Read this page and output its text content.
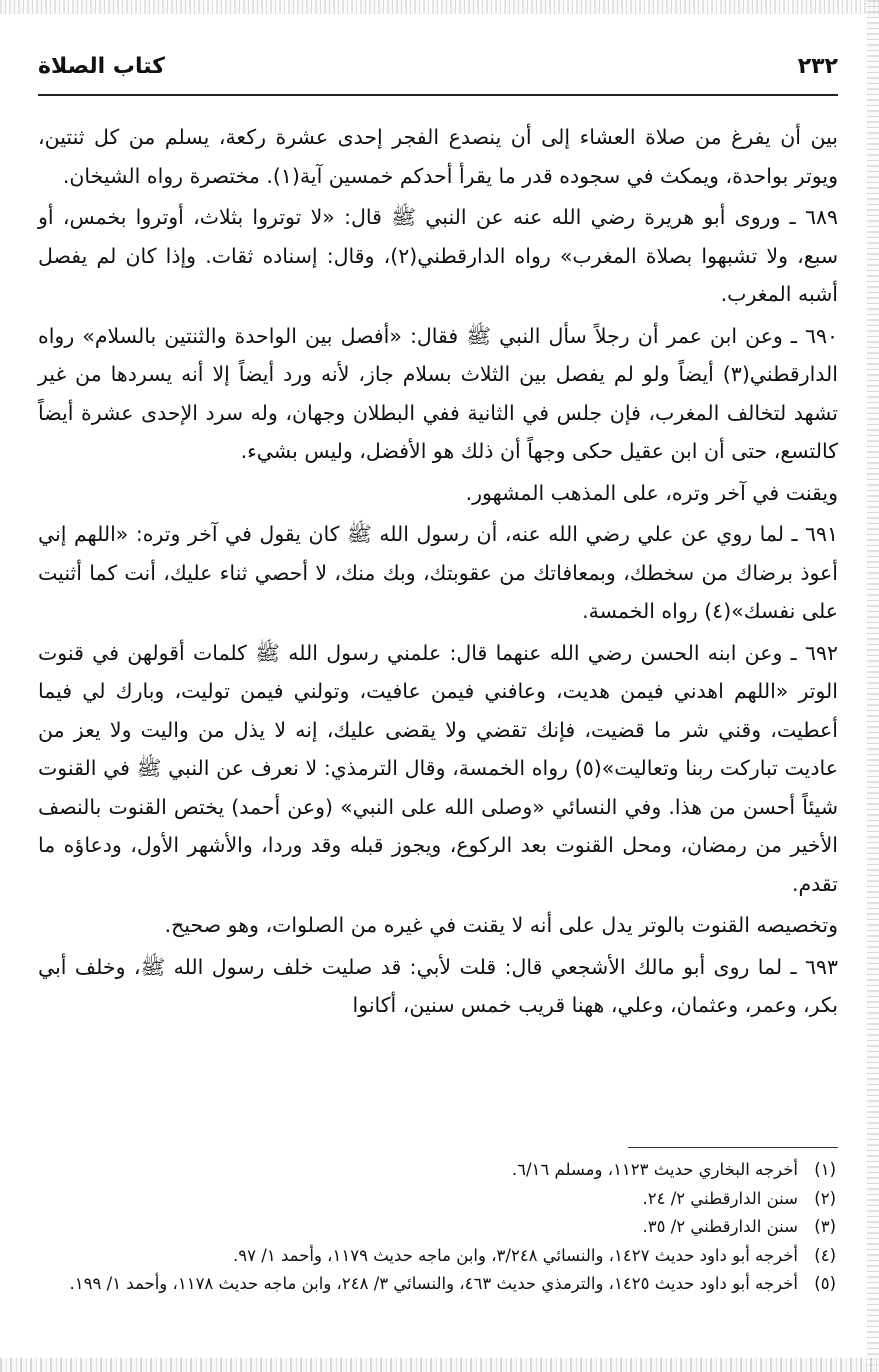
كتاب الصلاة	٢٣٢

بين أن يفرغ من صلاة العشاء إلى أن ينصدع الفجر إحدى عشرة ركعة، يسلم من كل ثنتين، ويوتر بواحدة، ويمكث في سجوده قدر ما يقرأ أحدكم خمسين آية(١). مختصرة رواه الشيخان.

٦٨٩ ـ وروى أبو هريرة رضي الله عنه عن النبي ﷺ قال: «لا توتروا بثلاث، أوتروا بخمس، أو سبع، ولا تشبهوا بصلاة المغرب» رواه الدارقطني(٢)، وقال: إسناده ثقات. وإذا كان لم يفصل أشبه المغرب.

٦٩٠ ـ وعن ابن عمر أن رجلاً سأل النبي ﷺ فقال: «أفصل بين الواحدة والثنتين بالسلام» رواه الدارقطني(٣) أيضاً ولو لم يفصل بين الثلاث بسلام جاز، لأنه ورد أيضاً إلا أنه يسردها من غير تشهد لتخالف المغرب، فإن جلس في الثانية ففي البطلان وجهان، وله سرد الإحدى عشرة أيضاً كالتسع، حتى أن ابن عقيل حكى وجهاً أن ذلك هو الأفضل، وليس بشيء.

ويقنت في آخر وتره، على المذهب المشهور.

٦٩١ ـ لما روي عن علي رضي الله عنه، أن رسول الله ﷺ كان يقول في آخر وتره: «اللهم إني أعوذ برضاك من سخطك، وبمعافاتك من عقوبتك، وبك منك، لا أحصي ثناء عليك، أنت كما أثنيت على نفسك»(٤) رواه الخمسة.

٦٩٢ ـ وعن ابنه الحسن رضي الله عنهما قال: علمني رسول الله ﷺ كلمات أقولهن في قنوت الوتر «اللهم اهدني فيمن هديت، وعافني فيمن عافيت، وتولني فيمن توليت، وبارك لي فيما أعطيت، وقني شر ما قضيت، فإنك تقضي ولا يقضى عليك، إنه لا يذل من واليت ولا يعز من عاديت تباركت ربنا وتعاليت»(٥) رواه الخمسة، وقال الترمذي: لا نعرف عن النبي ﷺ في القنوت شيئاً أحسن من هذا. وفي النسائي «وصلى الله على النبي» (وعن أحمد) يختص القنوت بالنصف الأخير من رمضان، ومحل القنوت بعد الركوع، ويجوز قبله وقد وردا، والأشهر الأول، ودعاؤه ما تقدم.

وتخصيصه القنوت بالوتر يدل على أنه لا يقنت في غيره من الصلوات، وهو صحيح.

٦٩٣ ـ لما روى أبو مالك الأشجعي قال: قلت لأبي: قد صليت خلف رسول الله ﷺ، وخلف أبي بكر، وعمر، وعثمان، وعلي، ههنا قريب خمس سنين، أكانوا

(١)
أخرجه البخاري حديث ١١٢٣، ومسلم ٦/١٦.
(٢)
سنن الدارقطني ٢/ ٢٤.
(٣)
سنن الدارقطني ٢/ ٣٥.
(٤)
أخرجه أبو داود حديث ١٤٢٧، والنسائي ٣/٢٤٨، وابن ماجه حديث ١١٧٩، وأحمد ١/ ٩٧.
(٥)
أخرجه أبو داود حديث ١٤٢٥، والترمذي حديث ٤٦٣، والنسائي ٣/ ٢٤٨، وابن ماجه حديث ١١٧٨، وأحمد ١/ ١٩٩.
